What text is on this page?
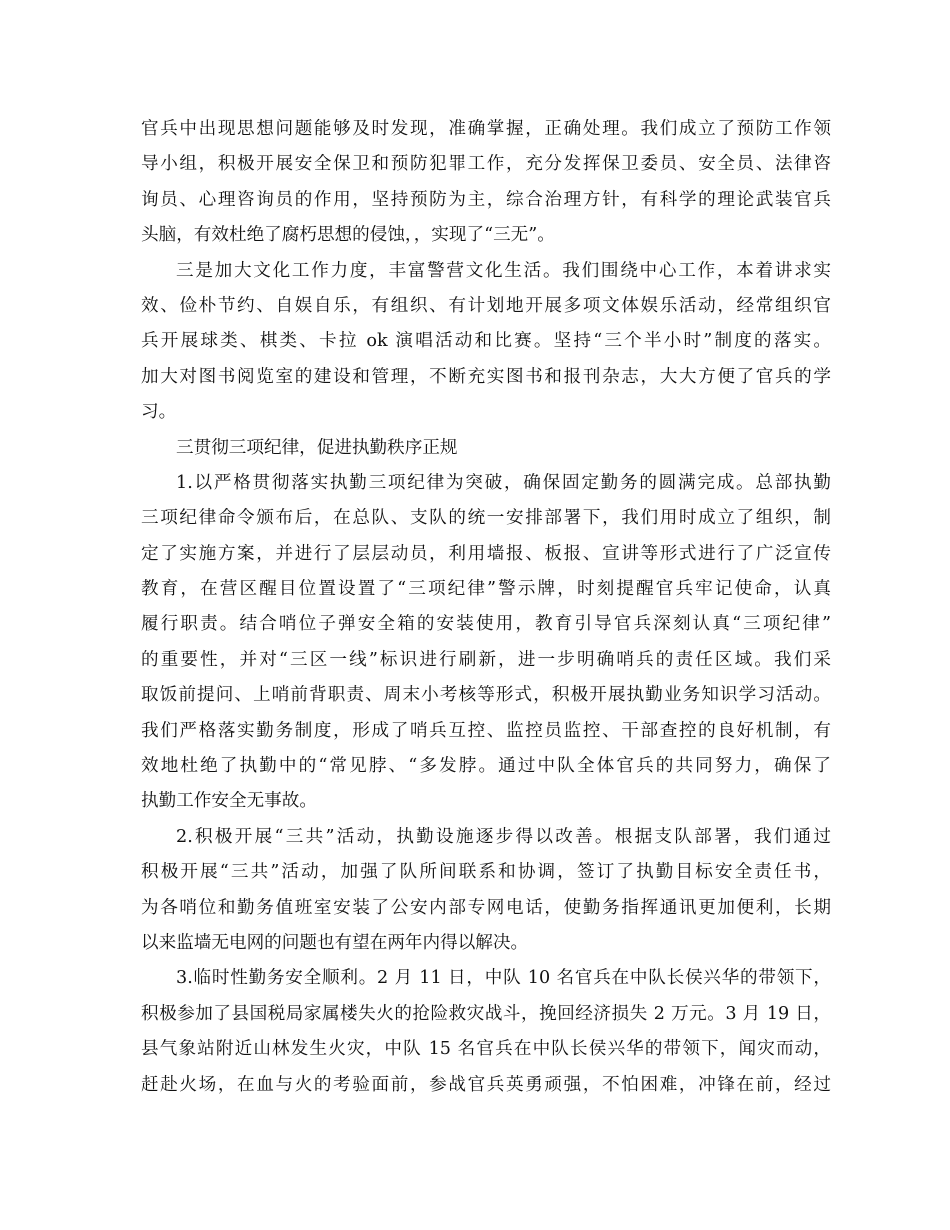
官兵中出现思想问题能够及时发现，准确掌握，正确处理。我们成立了预防工作领
导小组，积极开展安全保卫和预防犯罪工作，充分发挥保卫委员、安全员、法律咨
询员、心理咨询员的作用，坚持预防为主，综合治理方针，有科学的理论武装官兵
头脑，有效杜绝了腐朽思想的侵蚀，，实现了“三无”。
三是加大文化工作力度，丰富警营文化生活。我们围绕中心工作，本着讲求实
效、俭朴节约、自娱自乐，有组织、有计划地开展多项文体娱乐活动，经常组织官
兵开展球类、棋类、卡拉 ok 演唱活动和比赛。坚持“三个半小时”制度的落实。
加大对图书阅览室的建设和管理，不断充实图书和报刊杂志，大大方便了官兵的学
习。
三贯彻三项纪律，促进执勤秩序正规
1.以严格贯彻落实执勤三项纪律为突破，确保固定勤务的圆满完成。总部执勤
三项纪律命令颁布后，在总队、支队的统一安排部署下，我们用时成立了组织，制
定了实施方案，并进行了层层动员，利用墙报、板报、宣讲等形式进行了广泛宣传
教育，在营区醒目位置设置了“三项纪律”警示牌，时刻提醒官兵牢记使命，认真
履行职责。结合哨位子弹安全箱的安装使用，教育引导官兵深刻认真“三项纪律”
的重要性，并对“三区一线”标识进行刷新，进一步明确哨兵的责任区域。我们采
取饭前提问、上哨前背职责、周末小考核等形式，积极开展执勤业务知识学习活动。
我们严格落实勤务制度，形成了哨兵互控、监控员监控、干部查控的良好机制，有
效地杜绝了执勤中的“常见脖、“多发脖。通过中队全体官兵的共同努力，确保了
执勤工作安全无事故。
2.积极开展“三共”活动，执勤设施逐步得以改善。根据支队部署，我们通过
积极开展“三共”活动，加强了队所间联系和协调，签订了执勤目标安全责任书，
为各哨位和勤务值班室安装了公安内部专网电话，使勤务指挥通讯更加便利，长期
以来监墙无电网的问题也有望在两年内得以解决。
3.临时性勤务安全顺利。2 月 11 日，中队 10 名官兵在中队长侯兴华的带领下，
积极参加了县国税局家属楼失火的抢险救灾战斗，挽回经济损失 2 万元。3 月 19 日，
县气象站附近山林发生火灾，中队 15 名官兵在中队长侯兴华的带领下，闻灾而动，
赶赴火场，在血与火的考验面前，参战官兵英勇顽强，不怕困难，冲锋在前，经过
